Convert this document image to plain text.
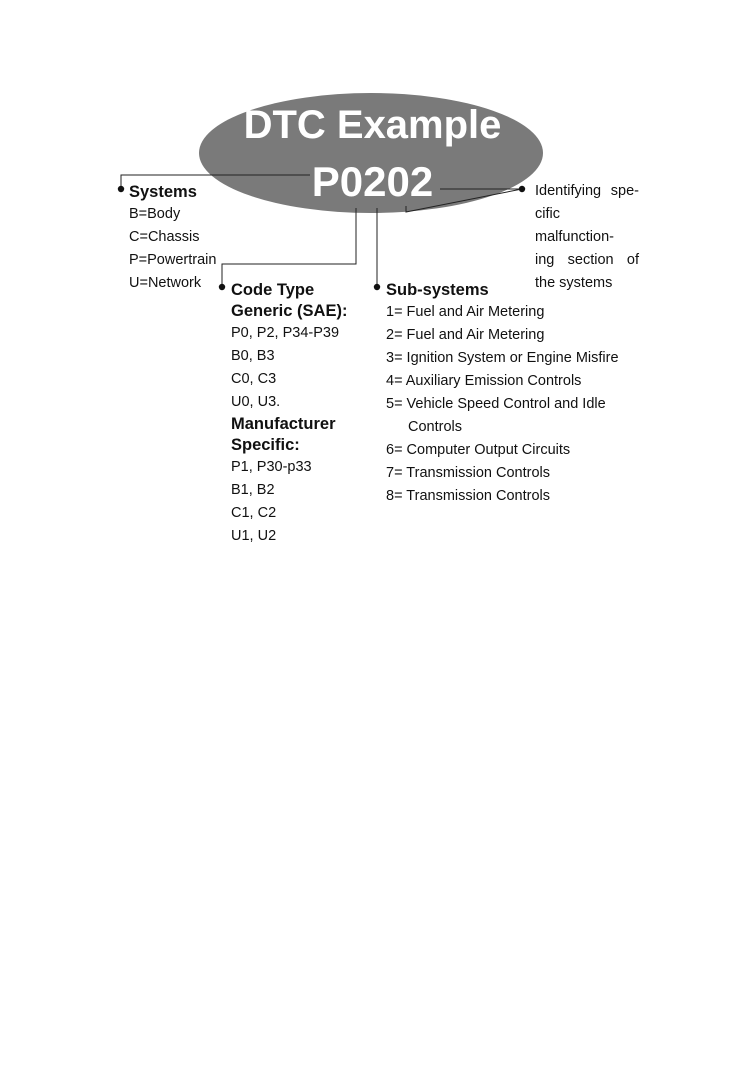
DTC Example
P0202
Systems
B=Body
C=Chassis
P=Powertrain
U=Network	Code Type
Generic (SAE):
P0, P2, P34-P39
B0, B3
C0, C3
U0, U3.
Manufacturer
Specific:
P1, P30-p33
B1, B2
C1, C2
U1, U2
Sub-systems
1= Fuel and Air Metering
2= Fuel and Air Metering
3= Ignition System or Engine Misfire
4= Auxiliary Emission Controls
5= Vehicle Speed Control and Idle
Controls
6= Computer Output Circuits
7= Transmission Controls
8= Transmission Controls
Identifying spe-
cific malfunction-
ing section of
the systems
